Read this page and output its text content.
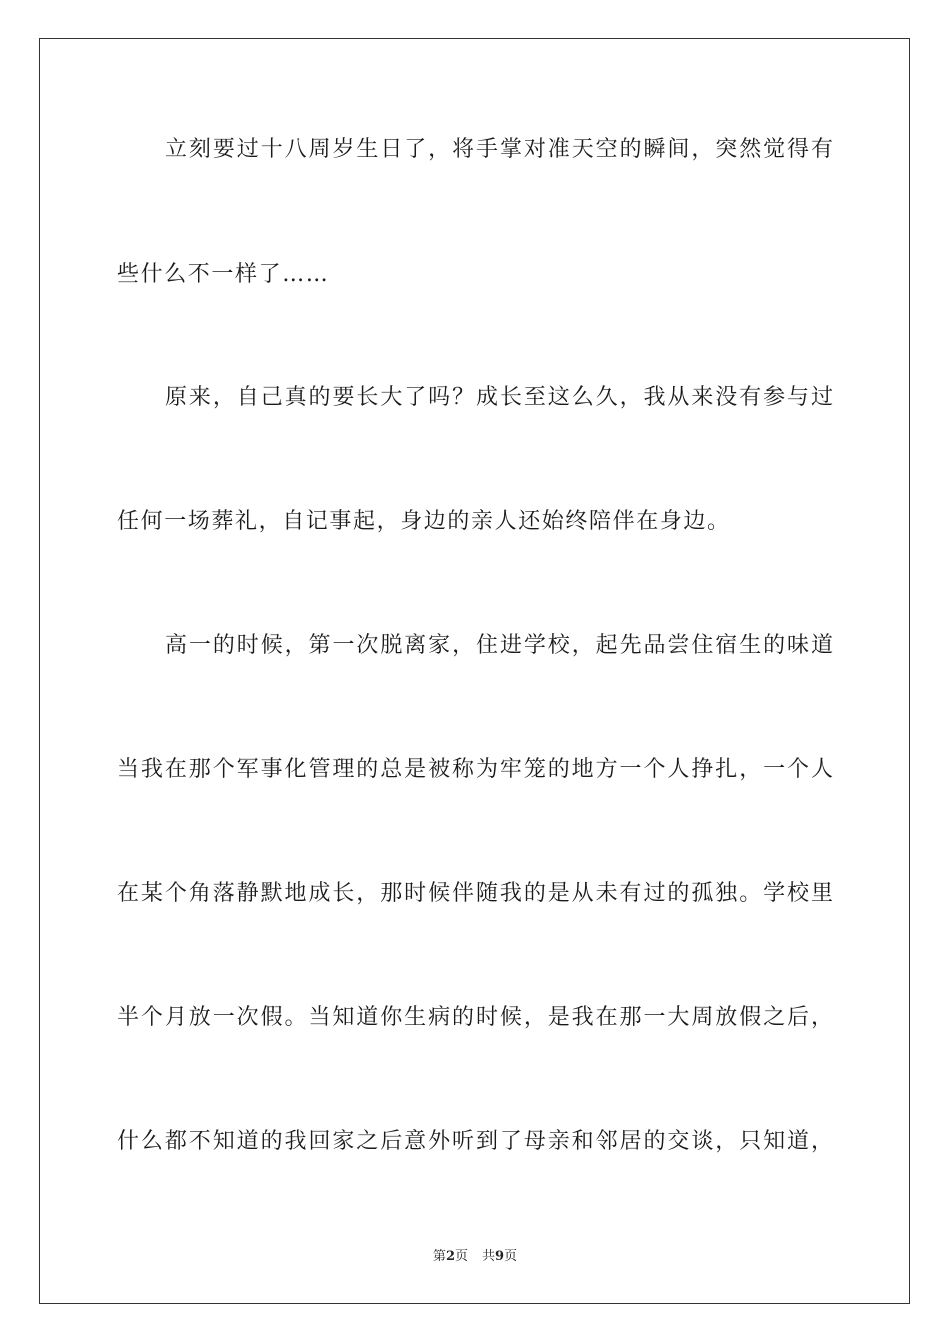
立刻要过十八周岁生日了，将手掌对准天空的瞬间，突然觉得有
些什么不一样了……
原来，自己真的要长大了吗？成长至这么久，我从来没有参与过
任何一场葬礼，自记事起，身边的亲人还始终陪伴在身边。
高一的时候，第一次脱离家，住进学校，起先品尝住宿生的味道
当我在那个军事化管理的总是被称为牢笼的地方一个人挣扎，一个人
在某个角落静默地成长，那时候伴随我的是从未有过的孤独。学校里
半个月放一次假。当知道你生病的时候，是我在那一大周放假之后，
什么都不知道的我回家之后意外听到了母亲和邻居的交谈，只知道，
第2页 共9页
